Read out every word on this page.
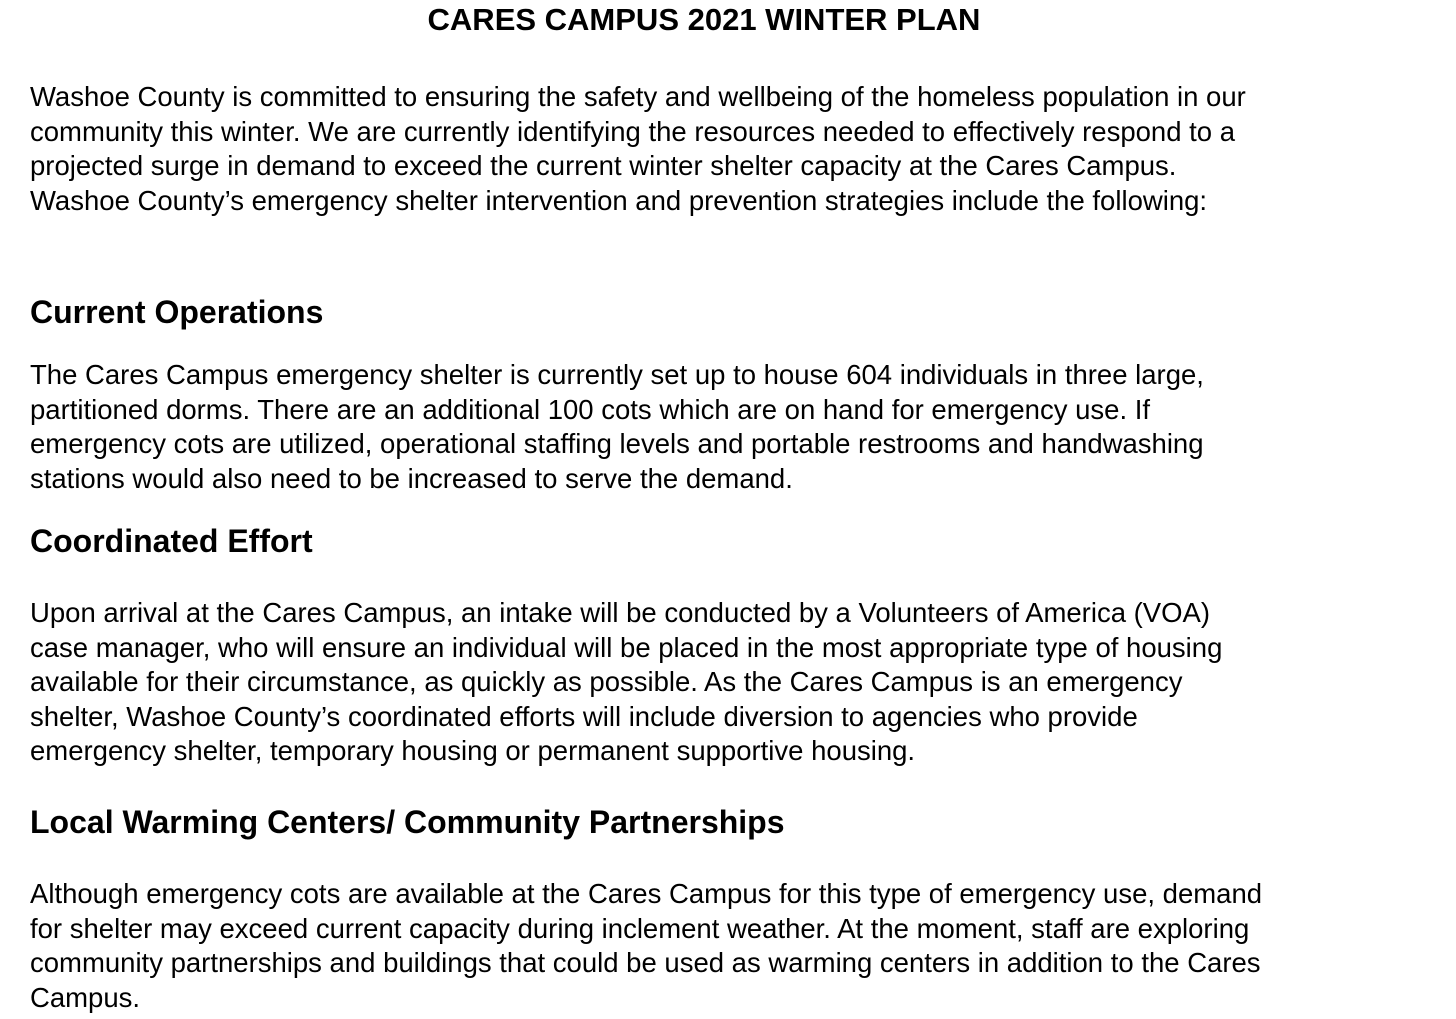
CARES CAMPUS 2021 WINTER PLAN

Washoe County is committed to ensuring the safety and wellbeing of the homeless population in our
community this winter. We are currently identifying the resources needed to effectively respond to a
projected surge in demand to exceed the current winter shelter capacity at the Cares Campus.
Washoe County’s emergency shelter intervention and prevention strategies include the following:

Current Operations

The Cares Campus emergency shelter is currently set up to house 604 individuals in three large,
partitioned dorms. There are an additional 100 cots which are on hand for emergency use. If
emergency cots are utilized, operational staffing levels and portable restrooms and handwashing
stations would also need to be increased to serve the demand.

Coordinated Effort

Upon arrival at the Cares Campus, an intake will be conducted by a Volunteers of America (VOA)
case manager, who will ensure an individual will be placed in the most appropriate type of housing
available for their circumstance, as quickly as possible. As the Cares Campus is an emergency
shelter, Washoe County’s coordinated efforts will include diversion to agencies who provide
emergency shelter, temporary housing or permanent supportive housing.

Local Warming Centers/ Community Partnerships

Although emergency cots are available at the Cares Campus for this type of emergency use, demand
for shelter may exceed current capacity during inclement weather. At the moment, staff are exploring
community partnerships and buildings that could be used as warming centers in addition to the Cares
Campus.
